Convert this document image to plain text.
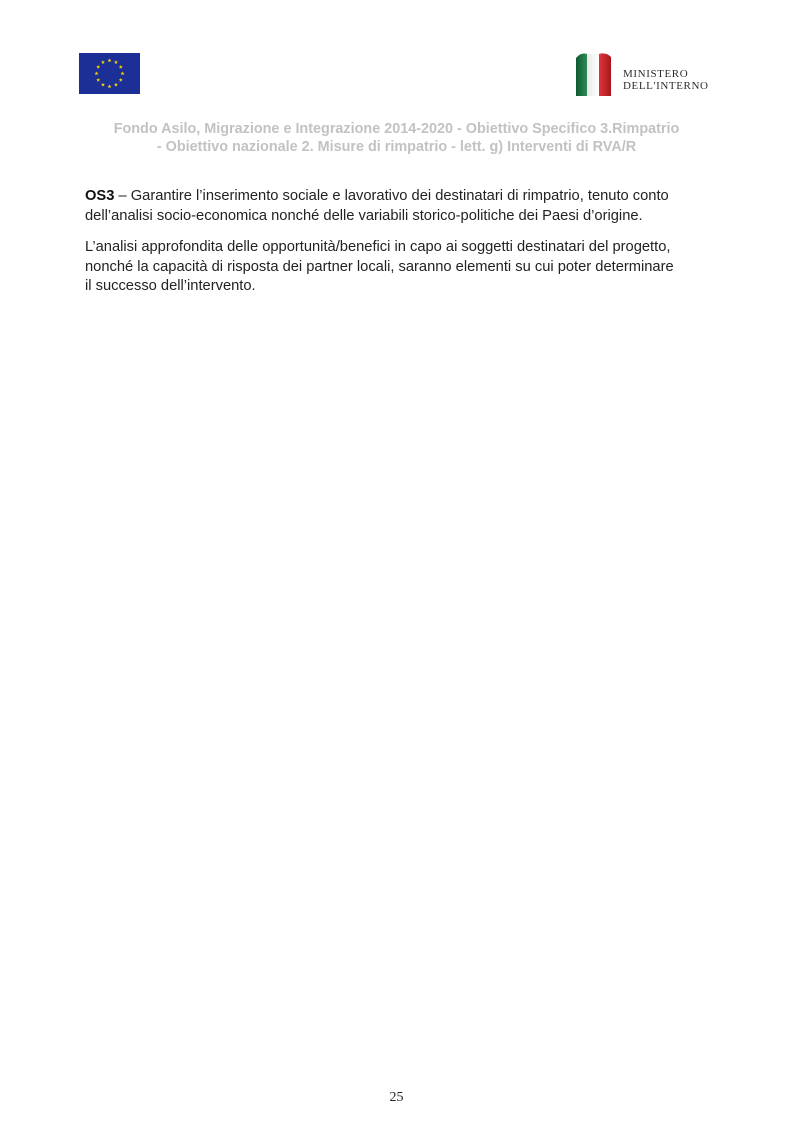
MINISTERO
DELL'INTERNO
Fondo Asilo, Migrazione e Integrazione 2014-2020 - Obiettivo Specifico 3.Rimpatrio
- Obiettivo nazionale 2. Misure di rimpatrio - lett. g) Interventi di RVA/R

OS3 – Garantire l’inserimento sociale e lavorativo dei destinatari di rimpatrio, tenuto conto
dell’analisi socio-economica nonché delle variabili storico-politiche dei Paesi d’origine.

L’analisi approfondita delle opportunità/benefici in capo ai soggetti destinatari del progetto,
nonché la capacità di risposta dei partner locali, saranno elementi su cui poter determinare
il successo dell’intervento.

25
